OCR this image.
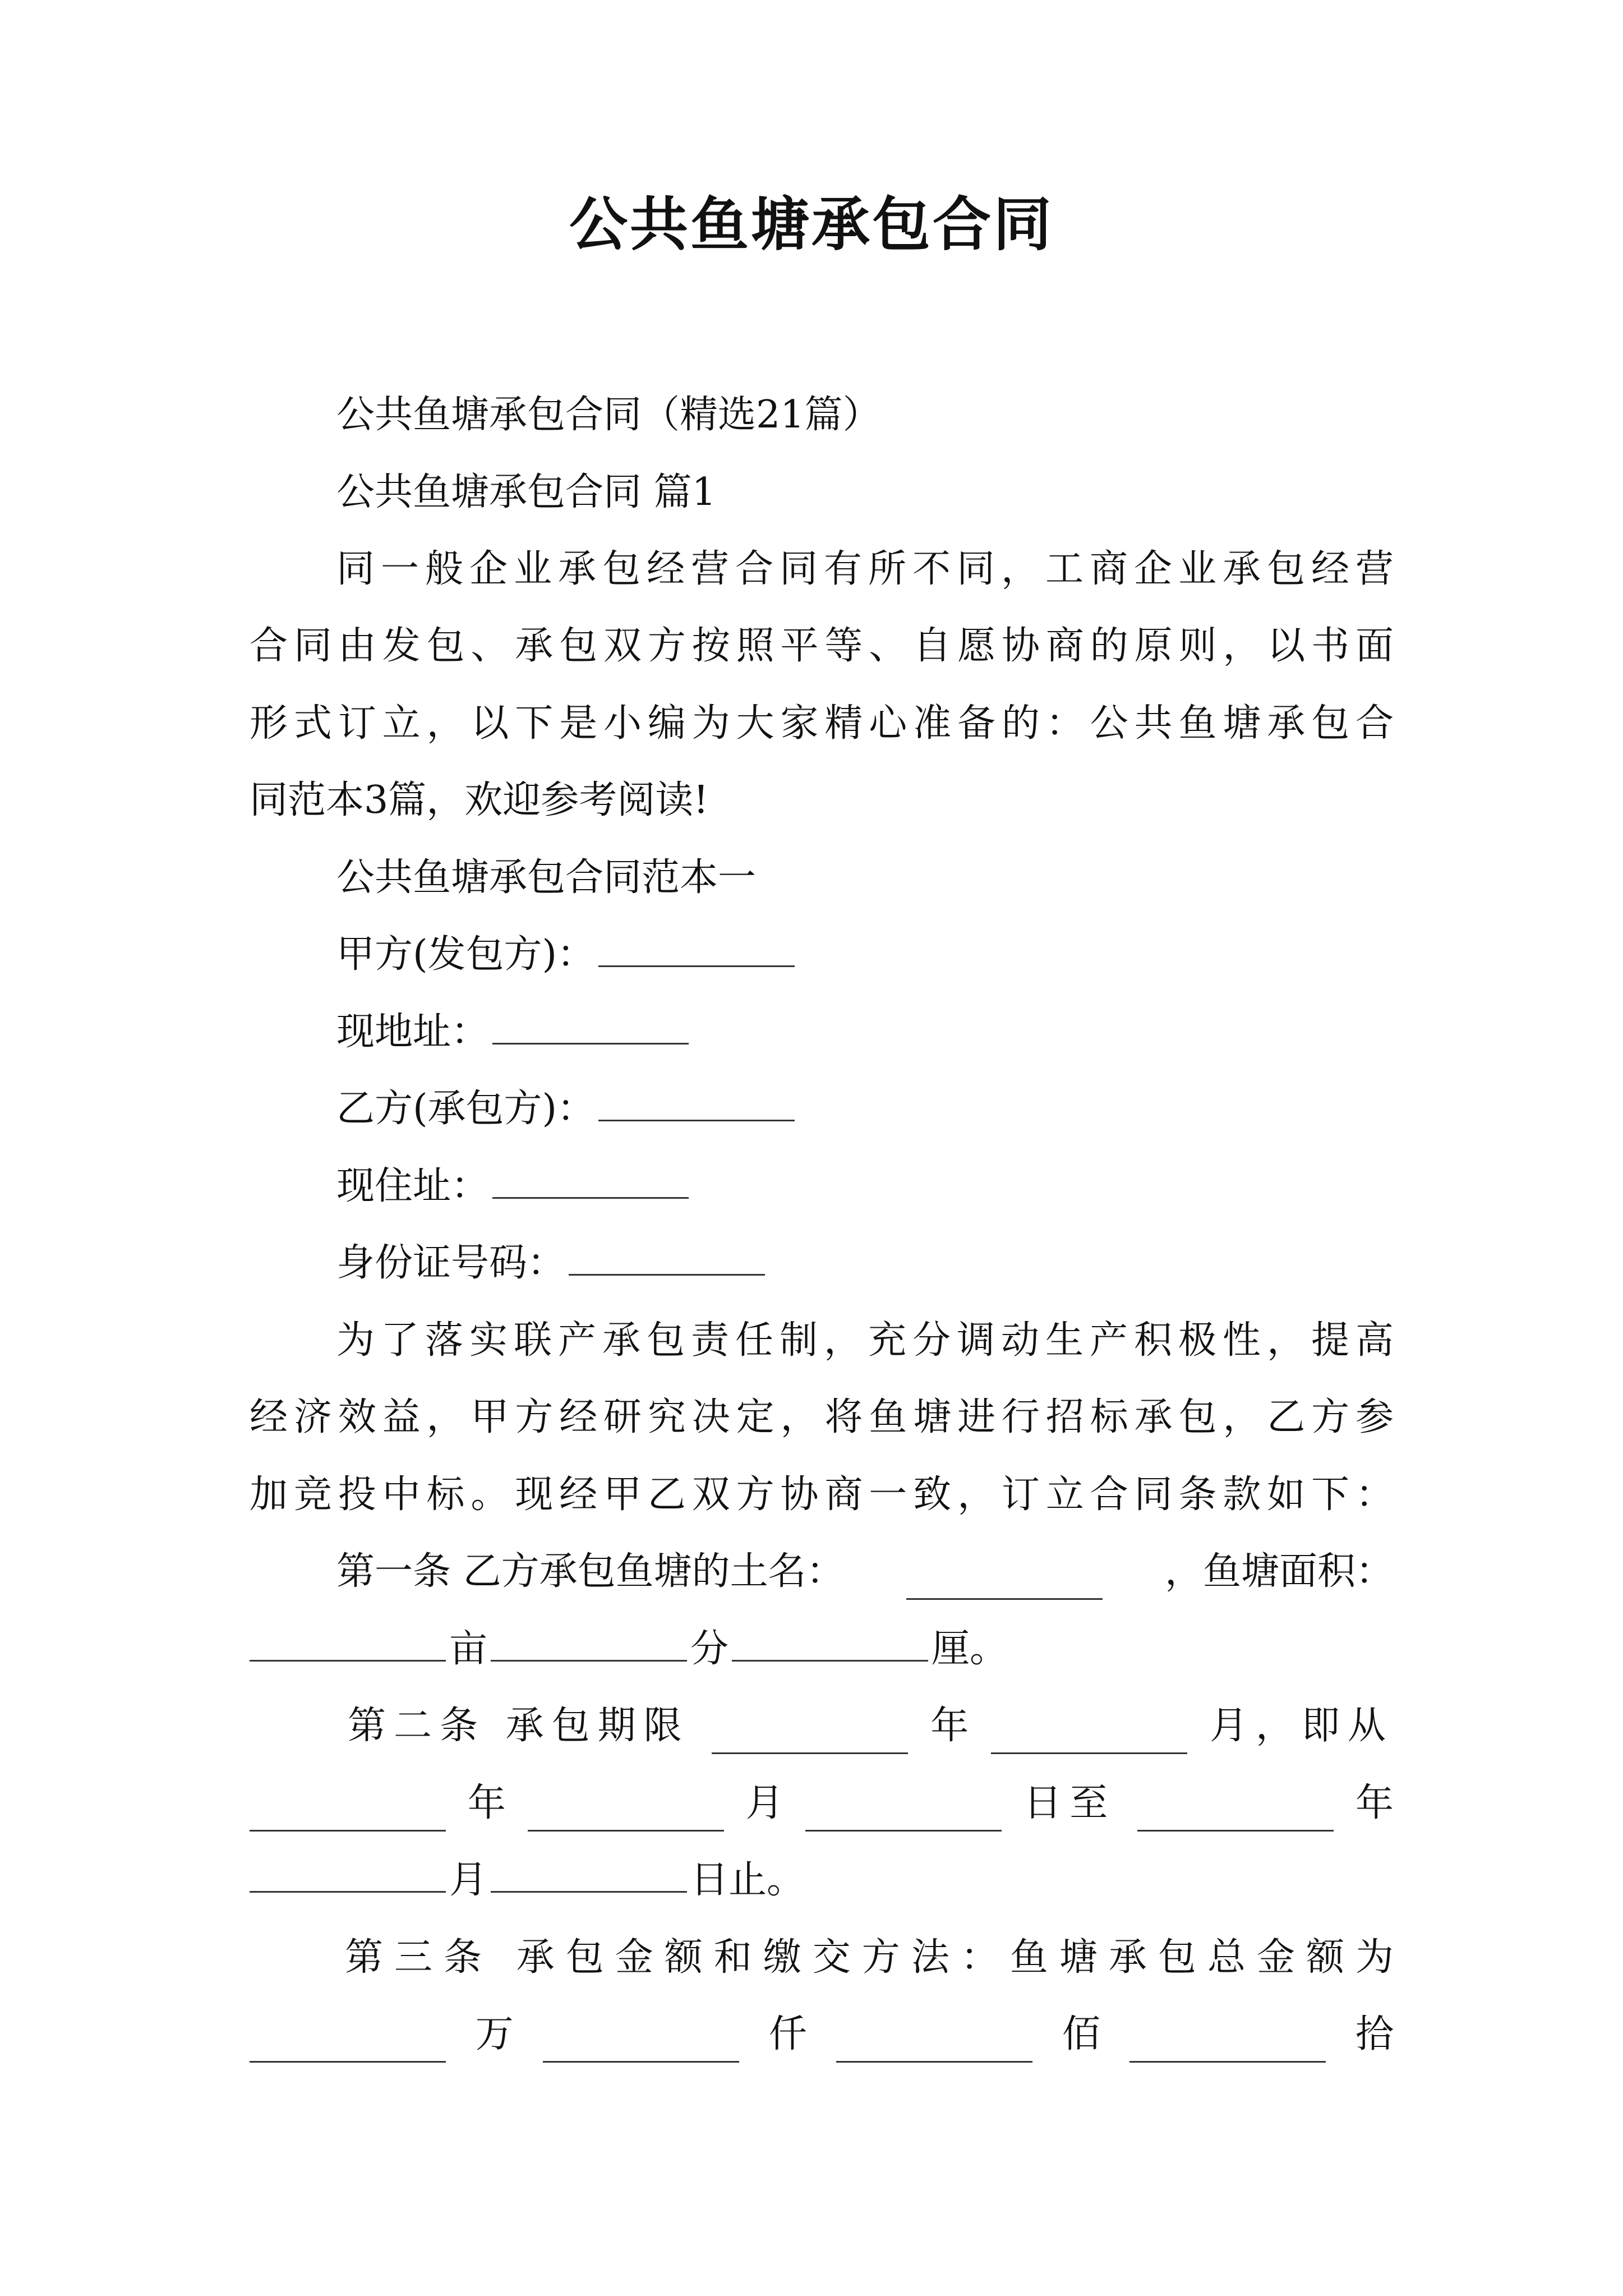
公共鱼塘承包合同
公共鱼塘承包合同（精选21篇）
公共鱼塘承包合同 篇1
同一般企业承包经营合同有所不同，工商企业承包经营
合同由发包、承包双方按照平等、自愿协商的原则，以书面
形式订立，以下是小编为大家精心准备的：公共鱼塘承包合
同范本3篇，欢迎参考阅读!
公共鱼塘承包合同范本一
甲方(发包方)：
现地址：
乙方(承包方)：
现住址：
身份证号码：
为了落实联产承包责任制，充分调动生产积极性，提高
经济效益，甲方经研究决定，将鱼塘进行招标承包，乙方参
加竞投中标。现经甲乙双方协商一致，订立合同条款如下：
第一条 乙方承包鱼塘的土名：	，鱼塘面积：
亩	分	厘。
第二条 承包期限	年	月，即从
年	月	日至	年
月	日止。
第三条 承包金额和缴交方法：鱼塘承包总金额为
万	仟	佰	拾
